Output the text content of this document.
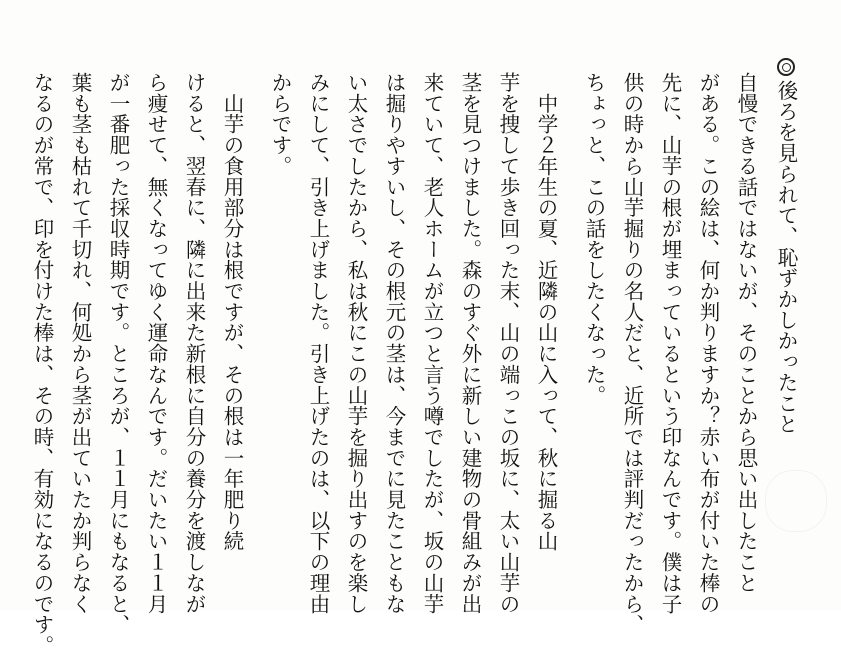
後ろを見られて、恥ずかしかったこと
自慢できる話ではないが、そのことから思い出したこと
がある。この絵は、何か判りますか？赤い布が付いた棒の
先に、山芋の根が埋まっているという印なんです。僕は子
供の時から山芋掘りの名人だと、近所では評判だったから、
ちょっと、この話をしたくなった。
　中学２年生の夏、近隣の山に入って、秋に掘る山
芋を捜して歩き回った末、山の端っこの坂に、太い山芋の
茎を見つけました。森のすぐ外に新しい建物の骨組みが出
来ていて、老人ホームが立つと言う噂でしたが、坂の山芋
は掘りやすいし、その根元の茎は、今までに見たこともな
い太さでしたから、私は秋にこの山芋を掘り出すのを楽し
みにして、引き上げました。引き上げたのは、以下の理由
からです。
　山芋の食用部分は根ですが、その根は一年肥り続
けると、翌春に、隣に出来た新根に自分の養分を渡しなが
ら痩せて、無くなってゆく運命なんです。だいたい１１月
が一番肥った採収時期です。ところが、１１月にもなると、
葉も茎も枯れて千切れ、何処から茎が出ていたか判らなく
なるのが常で、印を付けた棒は、その時、有効になるのです。
